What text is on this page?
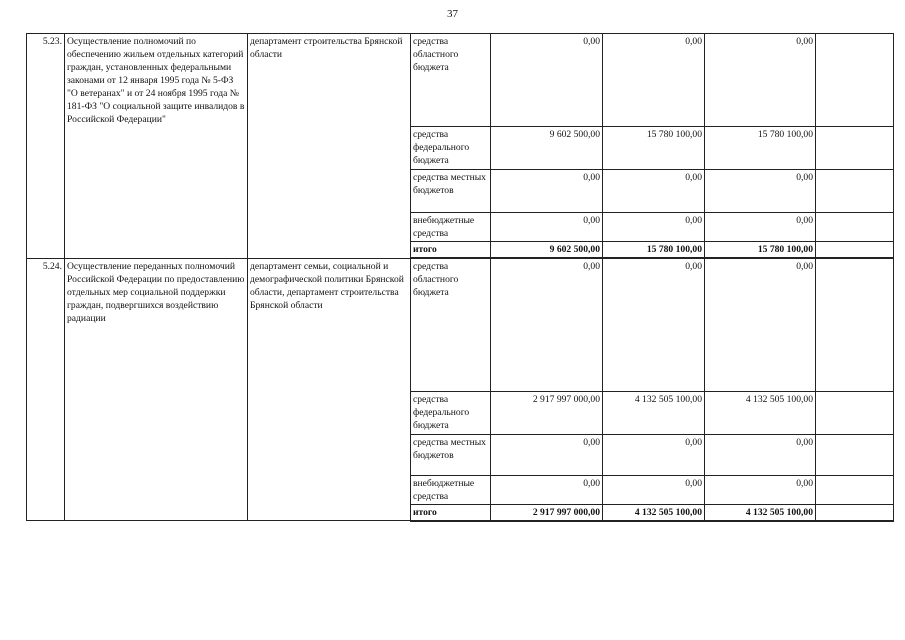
37
5.23.	Осуществление полномочий по обеспечению жильем отдельных категорий граждан, установленных федеральными законами от 12 января 1995 года № 5-ФЗ "О ветеранах" и от 24 ноября 1995 года № 181-ФЗ "О социальной защите инвалидов в Российской Федерации"	департамент строительства Брянской области	средства областного бюджета	0,00	0,00	0,00	
			средства федерального бюджета	9 602 500,00	15 780 100,00	15 780 100,00	
			средства местных бюджетов	0,00	0,00	0,00	
			внебюджетные средства	0,00	0,00	0,00	
			итого	9 602 500,00	15 780 100,00	15 780 100,00	
5.24.	Осуществление переданных полномочий Российской Федерации по предоставлению отдельных мер социальной поддержки граждан, подвергшихся воздействию радиации	департамент семьи, социальной и демографической политики Брянской области, департамент строительства Брянской области	средства областного бюджета	0,00	0,00	0,00	
			средства федерального бюджета	2 917 997 000,00	4 132 505 100,00	4 132 505 100,00	
			средства местных бюджетов	0,00	0,00	0,00	
			внебюджетные средства	0,00	0,00	0,00	
			итого	2 917 997 000,00	4 132 505 100,00	4 132 505 100,00	
